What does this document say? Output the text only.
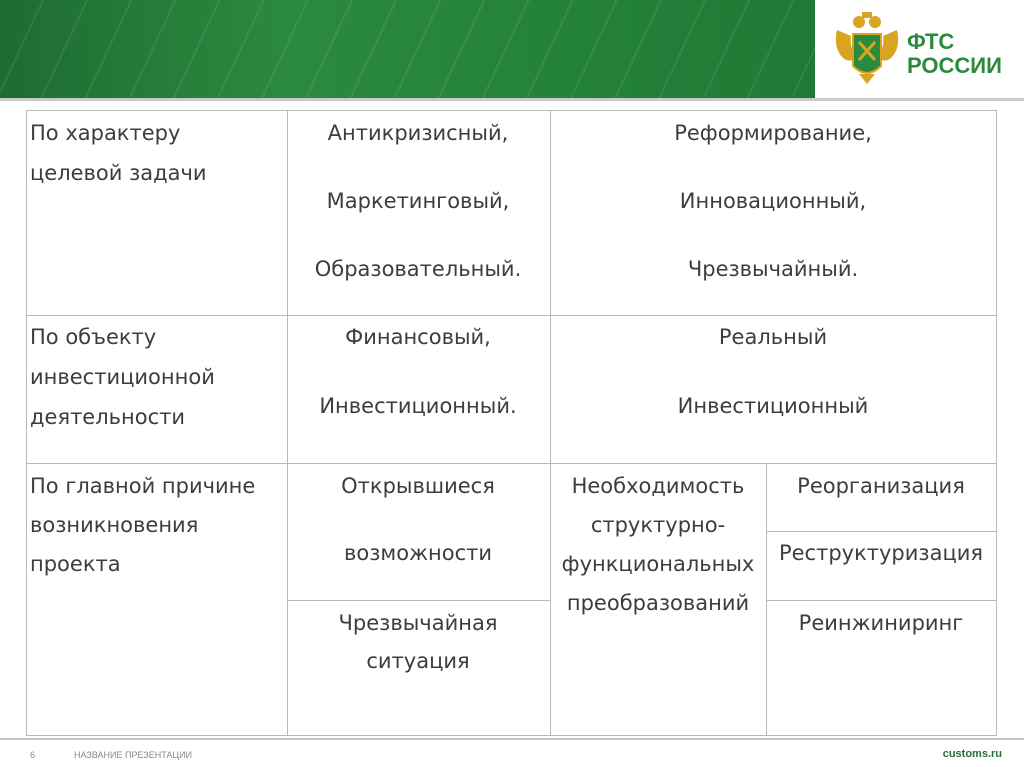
ФТС
РОССИИ
По характеру
целевой задачи
Антикризисный,
Маркетинговый,
Образовательный.
Реформирование,
Инновационный,
Чрезвычайный.
По объекту
инвестиционной
деятельности
Финансовый,
Инвестиционный.
Реальный
Инвестиционный
По главной причине
возникновения
проекта
Открывшиеся
возможности
Чрезвычайная
ситуация
Необходимость
структурно-
функциональных
преобразований
Реорганизация
Реструктуризация
Реинжиниринг
6	НАЗВАНИЕ ПРЕЗЕНТАЦИИ	customs.ru
